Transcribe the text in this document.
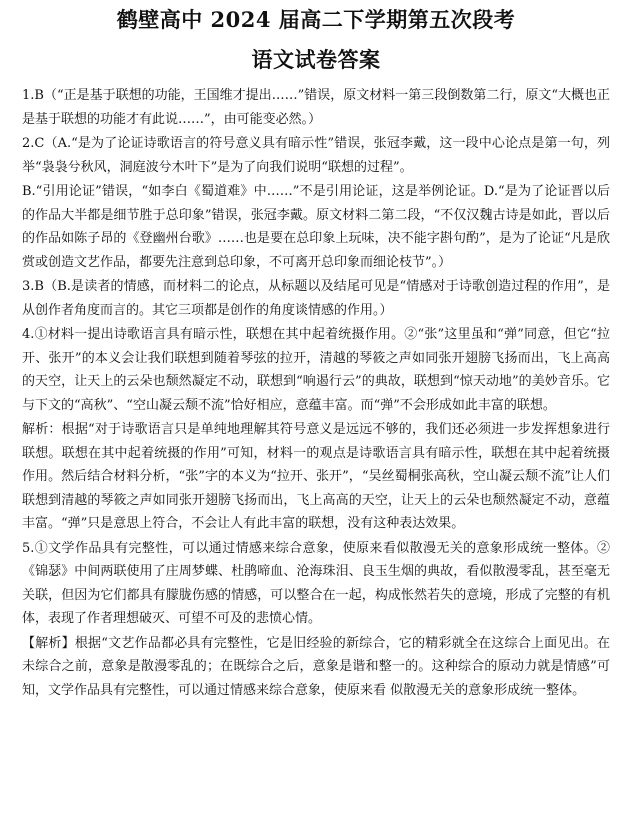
鹤壁高中 2024 届高二下学期第五次段考
语文试卷答案

1.B（“正是基于联想的功能，王国维才提出……”错误，原文材料一第三段倒数第二行，原文“大概也正是基于联想的功能才有此说……”，由可能变必然。）

2.C（A.“是为了论证诗歌语言的符号意义具有暗示性”错误，张冠李戴，这一段中心论点是第一句，列举“袅袅兮秋风，洞庭波兮木叶下”是为了向我们说明“联想的过程”。

B.“引用论证”错误，“如李白《蜀道难》中……”不是引用论证，这是举例论证。D.“是为了论证晋以后的作品大半都是细节胜于总印象”错误，张冠李戴。原文材料二第二段，“不仅汉魏古诗是如此，晋以后的作品如陈子昂的《登幽州台歌》……也是要在总印象上玩味，决不能字斟句酌”，是为了论证“凡是欣赏或创造文艺作品，都要先注意到总印象，不可离开总印象而细论枝节”。）

3.B（B.是读者的情感，而材料二的论点，从标题以及结尾可见是“情感对于诗歌创造过程的作用”，是从创作者角度而言的。其它三项都是创作的角度谈情感的作用。）

4.①材料一提出诗歌语言具有暗示性，联想在其中起着统摄作用。②“张”这里虽和“弹”同意，但它“拉开、张开”的本义会让我们联想到随着琴弦的拉开，清越的琴筱之声如同张开翅膀飞扬而出，飞上高高的天空，让天上的云朵也颓然凝定不动，联想到“响遏行云”的典故，联想到“惊天动地”的美妙音乐。它与下文的“高秋”、“空山凝云颓不流”恰好相应，意蕴丰富。而“弹”不会形成如此丰富的联想。

解析：根据“对于诗歌语言只是单纯地理解其符号意义是远远不够的，我们还必须进一步发挥想象进行联想。联想在其中起着统摄的作用”可知，材料一的观点是诗歌语言具有暗示性，联想在其中起着统摄作用。然后结合材料分析，“张”字的本义为“拉开、张开”，“吴丝蜀桐张高秋，空山凝云颓不流”让人们联想到清越的琴筱之声如同张开翅膀飞扬而出，飞上高高的天空，让天上的云朵也颓然凝定不动，意蕴丰富。“弹”只是意思上符合，不会让人有此丰富的联想，没有这种表达效果。

5.①文学作品具有完整性，可以通过情感来综合意象，使原来看似散漫无关的意象形成统一整体。②《锦瑟》中间两联使用了庄周梦蝶、杜鹃啼血、沧海珠泪、良玉生烟的典故，看似散漫零乱，甚至毫无关联，但因为它们都具有朦胧伤感的情感，可以整合在一起，构成怅然若失的意境，形成了完整的有机体，表现了作者理想破灭、可望不可及的悲愤心情。

【解析】根据“文艺作品都必具有完整性，它是旧经验的新综合，它的精彩就全在这综合上面见出。在未综合之前，意象是散漫零乱的；在既综合之后，意象是谐和整一的。这种综合的原动力就是情感”可知，文学作品具有完整性，可以通过情感来综合意象，使原来看 似散漫无关的意象形成统一整体。
